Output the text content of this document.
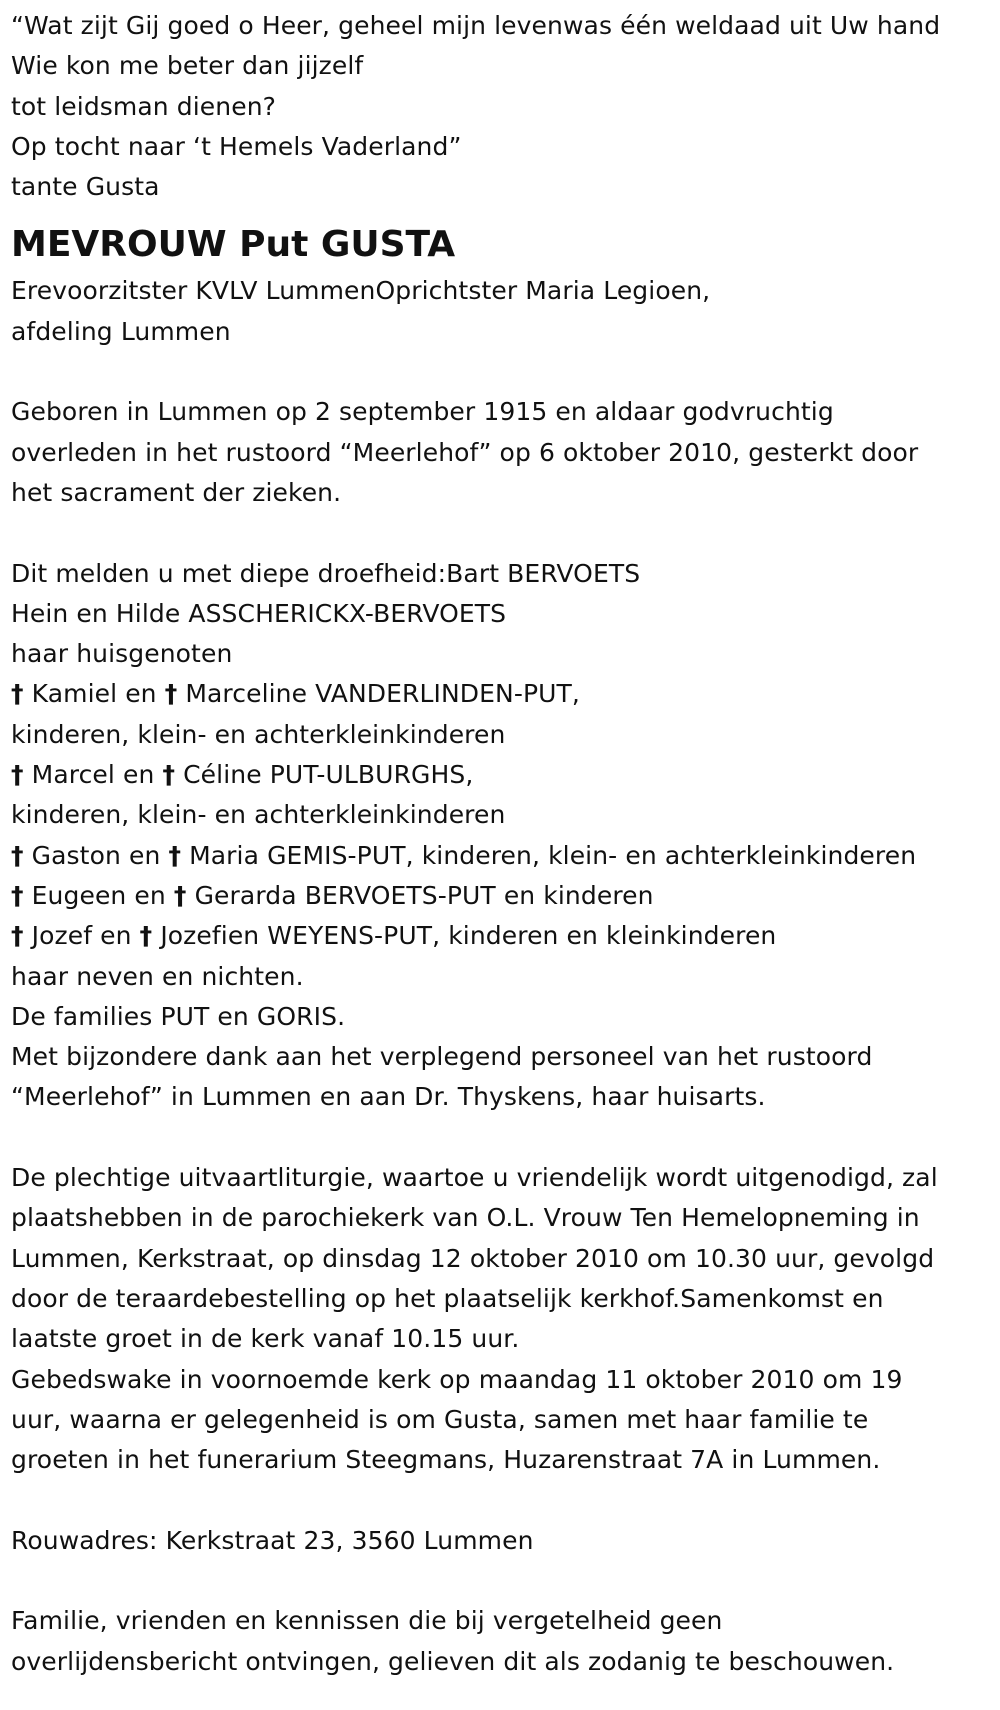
“Wat zijt Gij goed o Heer, geheel mijn levenwas één weldaad uit Uw hand
Wie kon me beter dan jijzelf
tot leidsman dienen?
Op tocht naar ‘t Hemels Vaderland”
tante Gusta
MEVROUW Put GUSTA
Erevoorzitster KVLV LummenOprichtster Maria Legioen,
afdeling Lummen
Geboren in Lummen op 2 september 1915 en aldaar godvruchtig
overleden in het rustoord “Meerlehof” op 6 oktober 2010, gesterkt door
het sacrament der zieken.
Dit melden u met diepe droefheid:Bart BERVOETS
Hein en Hilde ASSCHERICKX-BERVOETS
haar huisgenoten
† Kamiel en † Marceline VANDERLINDEN-PUT,
kinderen, klein- en achterkleinkinderen
† Marcel en † Céline PUT-ULBURGHS,
kinderen, klein- en achterkleinkinderen
† Gaston en † Maria GEMIS-PUT, kinderen, klein- en achterkleinkinderen
† Eugeen en † Gerarda BERVOETS-PUT en kinderen
† Jozef en † Jozefien WEYENS-PUT, kinderen en kleinkinderen
haar neven en nichten.
De families PUT en GORIS.
Met bijzondere dank aan het verplegend personeel van het rustoord
“Meerlehof” in Lummen en aan Dr. Thyskens, haar huisarts.
De plechtige uitvaartliturgie, waartoe u vriendelijk wordt uitgenodigd, zal
plaatshebben in de parochiekerk van O.L. Vrouw Ten Hemelopneming in
Lummen, Kerkstraat, op dinsdag 12 oktober 2010 om 10.30 uur, gevolgd
door de teraardebestelling op het plaatselijk kerkhof.Samenkomst en
laatste groet in de kerk vanaf 10.15 uur.
Gebedswake in voornoemde kerk op maandag 11 oktober 2010 om 19
uur, waarna er gelegenheid is om Gusta, samen met haar familie te
groeten in het funerarium Steegmans, Huzarenstraat 7A in Lummen.
Rouwadres: Kerkstraat 23, 3560 Lummen
Familie, vrienden en kennissen die bij vergetelheid geen
overlijdensbericht ontvingen, gelieven dit als zodanig te beschouwen.
